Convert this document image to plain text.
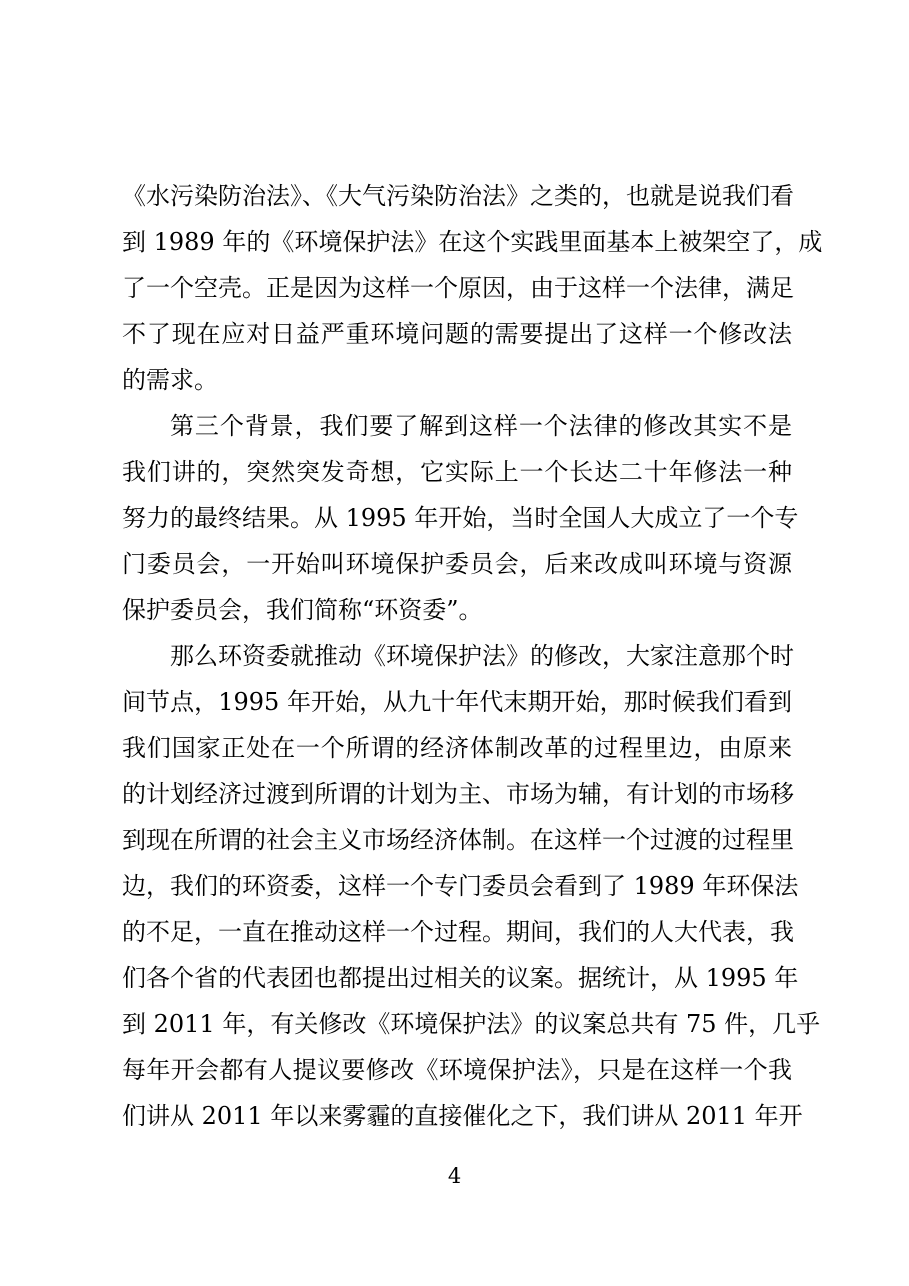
《水污染防治法》、《大气污染防治法》之类的，也就是说我们看
到 1989 年的《环境保护法》在这个实践里面基本上被架空了，成
了一个空壳。正是因为这样一个原因，由于这样一个法律，满足
不了现在应对日益严重环境问题的需要提出了这样一个修改法
的需求。
第三个背景，我们要了解到这样一个法律的修改其实不是
我们讲的，突然突发奇想，它实际上一个长达二十年修法一种
努力的最终结果。从 1995 年开始，当时全国人大成立了一个专
门委员会，一开始叫环境保护委员会，后来改成叫环境与资源
保护委员会，我们简称“环资委”。
那么环资委就推动《环境保护法》的修改，大家注意那个时
间节点，1995 年开始，从九十年代末期开始，那时候我们看到
我们国家正处在一个所谓的经济体制改革的过程里边，由原来
的计划经济过渡到所谓的计划为主、市场为辅，有计划的市场移
到现在所谓的社会主义市场经济体制。在这样一个过渡的过程里
边，我们的环资委，这样一个专门委员会看到了 1989 年环保法
的不足，一直在推动这样一个过程。期间，我们的人大代表，我
们各个省的代表团也都提出过相关的议案。据统计，从 1995 年
到 2011 年，有关修改《环境保护法》的议案总共有 75 件，几乎
每年开会都有人提议要修改《环境保护法》，只是在这样一个我
们讲从 2011 年以来雾霾的直接催化之下，我们讲从 2011 年开
4
